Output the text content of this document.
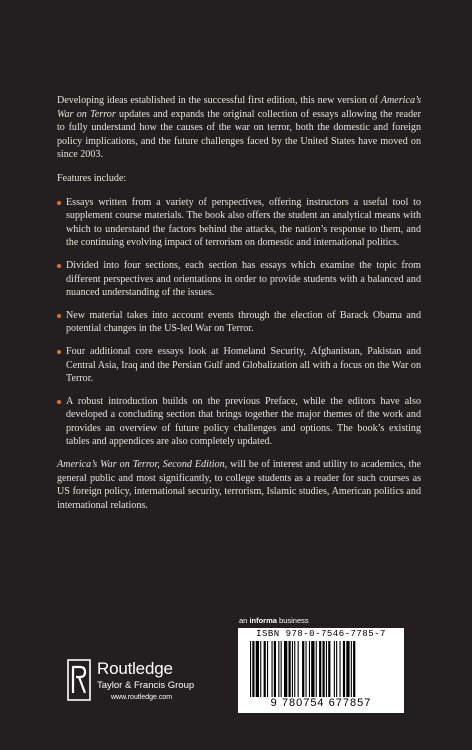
Developing ideas established in the successful first edition, this new version of America’s War on Terror updates and expands the original collection of essays allowing the reader to fully understand how the causes of the war on terror, both the domestic and foreign policy implications, and the future challenges faced by the United States have moved on since 2003.

Features include:

Essays written from a variety of perspectives, offering instructors a useful tool to supplement course materials. The book also offers the student an analytical means with which to understand the factors behind the attacks, the nation’s response to them, and the continuing evolving impact of terrorism on domestic and international politics.
Divided into four sections, each section has essays which examine the topic from different perspectives and orientations in order to provide students with a balanced and nuanced understanding of the issues.
New material takes into account events through the election of Barack Obama and potential changes in the US-led War on Terror.
Four additional core essays look at Homeland Security, Afghanistan, Pakistan and Central Asia, Iraq and the Persian Gulf and Globalization all with a focus on the War on Terror.
A robust introduction builds on the previous Preface, while the editors have also developed a concluding section that brings together the major themes of the work and provides an overview of future policy challenges and options. The book’s existing tables and appendices are also completely updated.

America’s War on Terror, Second Edition, will be of interest and utility to academics, the general public and most significantly, to college students as a reader for such courses as US foreign policy, international security, terrorism, Islamic studies, American politics and international relations.

an informa business
ISBN 978-0-7546-7785-7
9 780754 677857
Routledge
Taylor & Francis Group
www.routledge.com
